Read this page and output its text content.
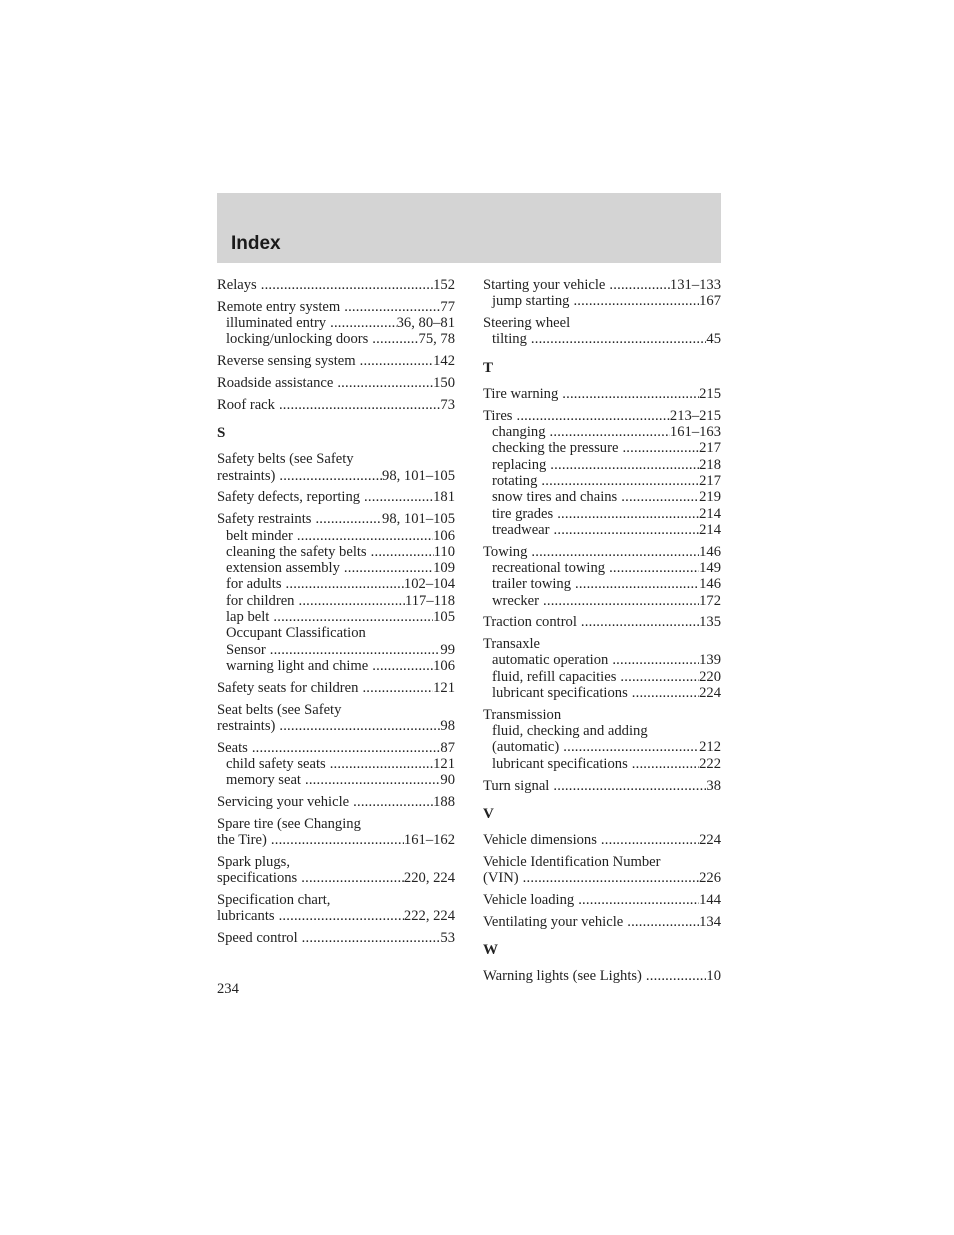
Index
Relays .....	152
Remote entry system .....	77
illuminated entry .....	36, 80–81
locking/unlocking doors .....	75, 78
Reverse sensing system .....	142
Roadside assistance .....	150
Roof rack .....	73
S
Safety belts (see Safety
restraints) .....	98, 101–105
Safety defects, reporting .....	181
Safety restraints .....	98, 101–105
belt minder .....	106
cleaning the safety belts .....	110
extension assembly .....	109
for adults .....	102–104
for children .....	117–118
lap belt .....	105
Occupant Classification
Sensor .....	99
warning light and chime .....	106
Safety seats for children .....	121
Seat belts (see Safety
restraints) .....	98
Seats .....	87
child safety seats .....	121
memory seat .....	90
Servicing your vehicle .....	188
Spare tire (see Changing
the Tire) .....	161–162
Spark plugs,
specifications .....	220, 224
Specification chart,
lubricants .....	222, 224
Speed control .....	53
Starting your vehicle .....	131–133
jump starting .....	167
Steering wheel
tilting .....	45
T
Tire warning .....	215
Tires .....	213–215
changing .....	161–163
checking the pressure .....	217
replacing .....	218
rotating .....	217
snow tires and chains .....	219
tire grades .....	214
treadwear .....	214
Towing .....	146
recreational towing .....	149
trailer towing .....	146
wrecker .....	172
Traction control .....	135
Transaxle
automatic operation .....	139
fluid, refill capacities .....	220
lubricant specifications .....	224
Transmission
fluid, checking and adding
(automatic) .....	212
lubricant specifications .....	222
Turn signal .....	38
V
Vehicle dimensions .....	224
Vehicle Identification Number
(VIN) .....	226
Vehicle loading .....	144
Ventilating your vehicle .....	134
W
Warning lights (see Lights) .....	10
234
